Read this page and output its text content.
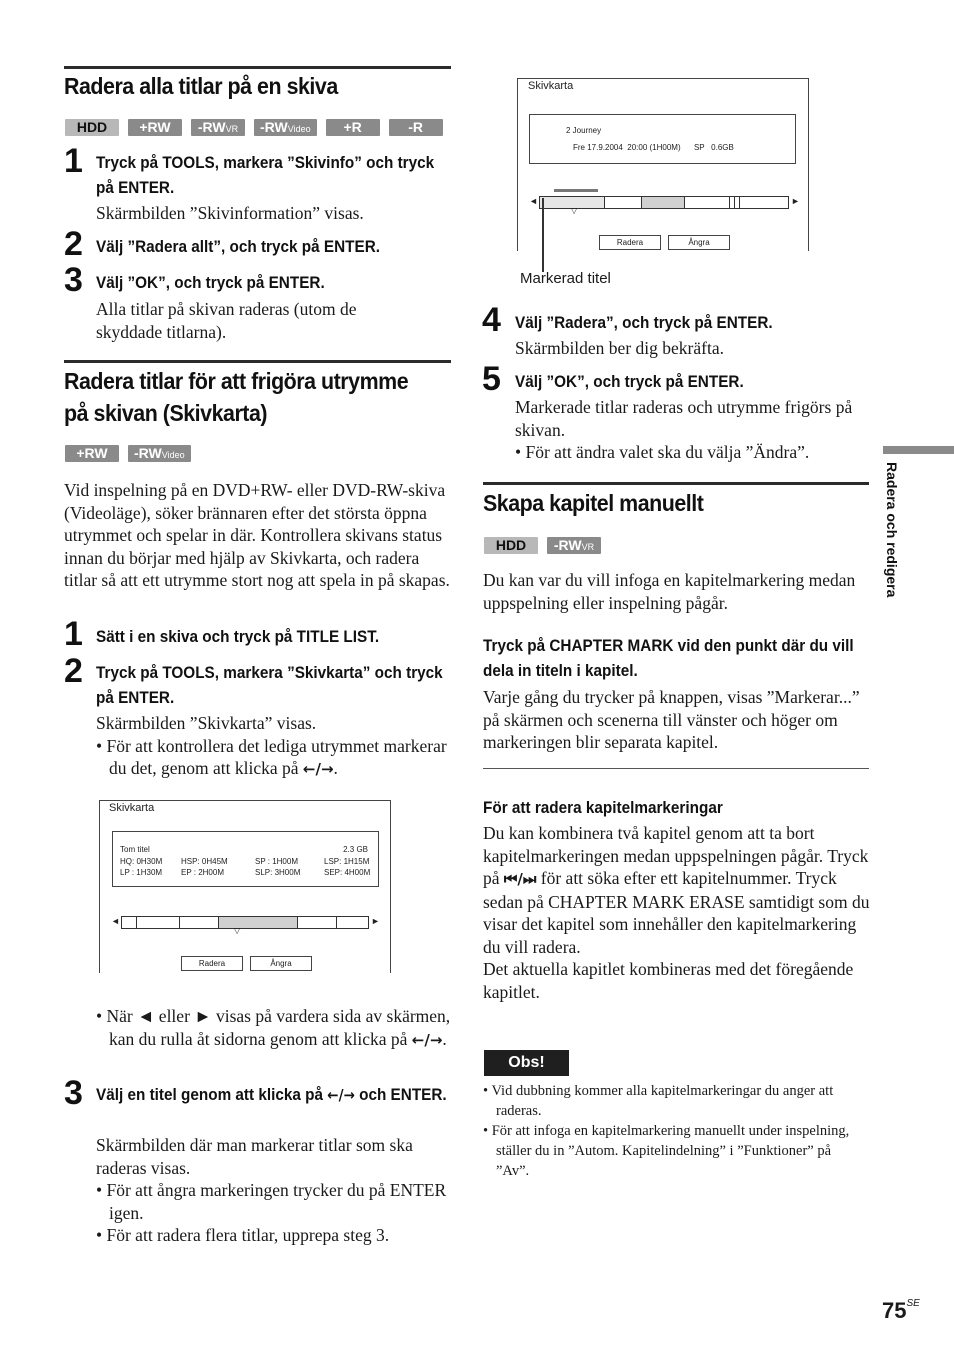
Radera alla titlar på en skiva
HDD	+RW	-RWVR	-RWVideo	+R	-R
1 Tryck på TOOLS, markera ”Skivinfo” och tryck på ENTER.
Skärmbilden ”Skivinformation” visas.
2 Välj ”Radera allt”, och tryck på ENTER.
3 Välj ”OK”, och tryck på ENTER.
Alla titlar på skivan raderas (utom de skyddade titlarna).
Radera titlar för att frigöra utrymme
på skivan (Skivkarta)
+RW	-RWVideo
Vid inspelning på en DVD+RW- eller DVD-RW-skiva (Videoläge), söker brännaren efter det största öppna utrymmet och spelar in där. Kontrollera skivans status innan du börjar med hjälp av Skivkarta, och radera titlar så att ett utrymme stort nog att spela in på skapas.
1 Sätt i en skiva och tryck på TITLE LIST.
2 Tryck på TOOLS, markera ”Skivkarta” och tryck på ENTER.
Skärmbilden ”Skivkarta” visas.
• För att kontrollera det lediga utrymmet markerar du det, genom att klicka på ←/→.
Skivkarta
Tom titel	2.3 GB
HQ: 0H30M HSP: 0H45M	SP : 1H00M	LSP: 1H15M
LP : 1H30M EP : 2H00M	SLP: 3H00M	SEP: 4H00M
◄
▽
►
Radera	Ångra
• När ◄ eller ► visas på vardera sida av skärmen, kan du rulla åt sidorna genom att klicka på ←/→.
3 Välj en titel genom att klicka på ←/→ och ENTER.
Skärmbilden där man markerar titlar som ska raderas visas.
• För att ångra markeringen trycker du på ENTER igen.
• För att radera flera titlar, upprepa steg 3.
Skivkarta
2 Journey
Fre 17.9.2004  20:00 (1H00M)      SP   0.6GB
◄
▽
►
Radera	Ångra
Markerad titel
4 Välj ”Radera”, och tryck på ENTER.
Skärmbilden ber dig bekräfta.
5 Välj ”OK”, och tryck på ENTER.
Markerade titlar raderas och utrymme frigörs på skivan.
• För att ändra valet ska du välja ”Ändra”.
Skapa kapitel manuellt
HDD	-RWVR
Du kan var du vill infoga en kapitelmarkering medan uppspelning eller inspelning pågår.
Tryck på CHAPTER MARK vid den punkt där du vill dela in titeln i kapitel.
Varje gång du trycker på knappen, visas ”Markerar...” på skärmen och scenerna till vänster och höger om markeringen blir separata kapitel.
För att radera kapitelmarkeringar
Du kan kombinera två kapitel genom att ta bort kapitelmarkeringen medan uppspelningen pågår. Tryck på ⏮/⏭ för att söka efter ett kapitelnummer. Tryck sedan på CHAPTER MARK ERASE samtidigt som du visar det kapitel som innehåller den kapitelmarkering du vill radera.
Det aktuella kapitlet kombineras med det föregående kapitlet.
Obs!
• Vid dubbning kommer alla kapitelmarkeringar du anger att raderas.
• För att infoga en kapitelmarkering manuellt under inspelning, ställer du in ”Autom. Kapitelindelning” i ”Funktioner” på ”Av”.
Radera och redigera
$75^{SE}$
